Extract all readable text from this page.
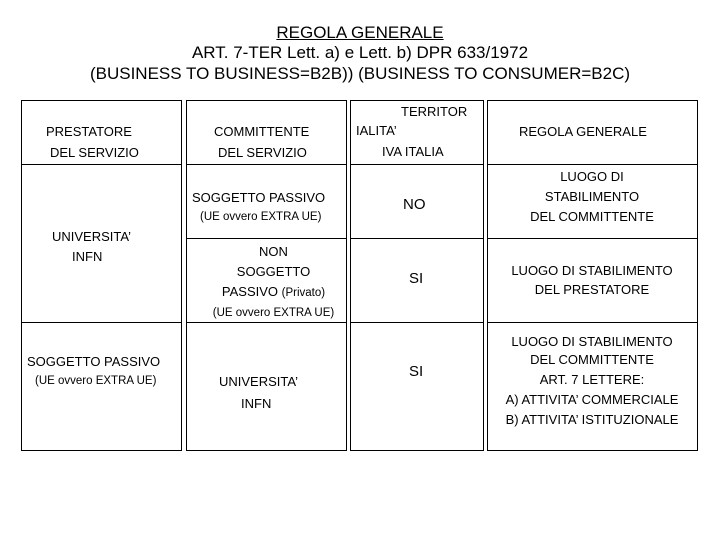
REGOLA GENERALE
ART. 7-TER Lett. a) e Lett. b) DPR 633/1972
(BUSINESS TO BUSINESS=B2B)) (BUSINESS TO CONSUMER=B2C)
PRESTATORE
DEL SERVIZIO
COMMITTENTE
DEL SERVIZIO
TERRITOR
IALITA’
IVA ITALIA
REGOLA GENERALE
UNIVERSITA’
INFN
SOGGETTO PASSIVO
(UE ovvero EXTRA UE)
SOGGETTO PASSIVO
(UE ovvero EXTRA UE)
NO
LUOGO DI
STABILIMENTO
DEL COMMITTENTE
NON
SOGGETTO
PASSIVO (Privato)
(UE ovvero EXTRA UE)
SI	LUOGO DI STABILIMENTO
DEL PRESTATORE
UNIVERSITA’
INFN
SI
LUOGO DI STABILIMENTO
DEL COMMITTENTE
ART. 7 LETTERE:
A) ATTIVITA’ COMMERCIALE
B) ATTIVITA’ ISTITUZIONALE
